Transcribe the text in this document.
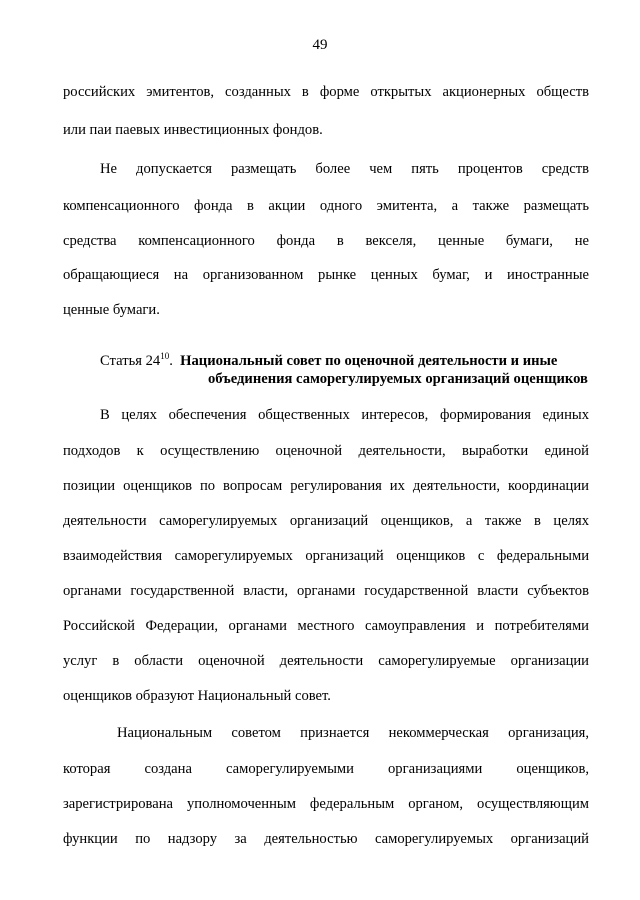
49
российских эмитентов, созданных в форме открытых акционерных обществ
или паи паевых инвестиционных фондов.
Не допускается размещать более чем пять процентов средств
компенсационного фонда в акции одного эмитента, а также размещать
средства компенсационного фонда в векселя, ценные бумаги, не
обращающиеся на организованном рынке ценных бумаг, и иностранные
ценные бумаги.
Статья $24^{10}$. Национальный совет по оценочной деятельности и иные
объединения саморегулируемых организаций оценщиков
В целях обеспечения общественных интересов, формирования единых
подходов к осуществлению оценочной деятельности, выработки единой
позиции оценщиков по вопросам регулирования их деятельности, координации
деятельности саморегулируемых организаций оценщиков, а также в целях
взаимодействия саморегулируемых организаций оценщиков с федеральными
органами государственной власти, органами государственной власти субъектов
Российской Федерации, органами местного самоуправления и потребителями
услуг в области оценочной деятельности саморегулируемые организации
оценщиков образуют Национальный совет.
Национальным советом признается некоммерческая организация,
которая создана саморегулируемыми организациями оценщиков,
зарегистрирована уполномоченным федеральным органом, осуществляющим
функции по надзору за деятельностью саморегулируемых организаций
